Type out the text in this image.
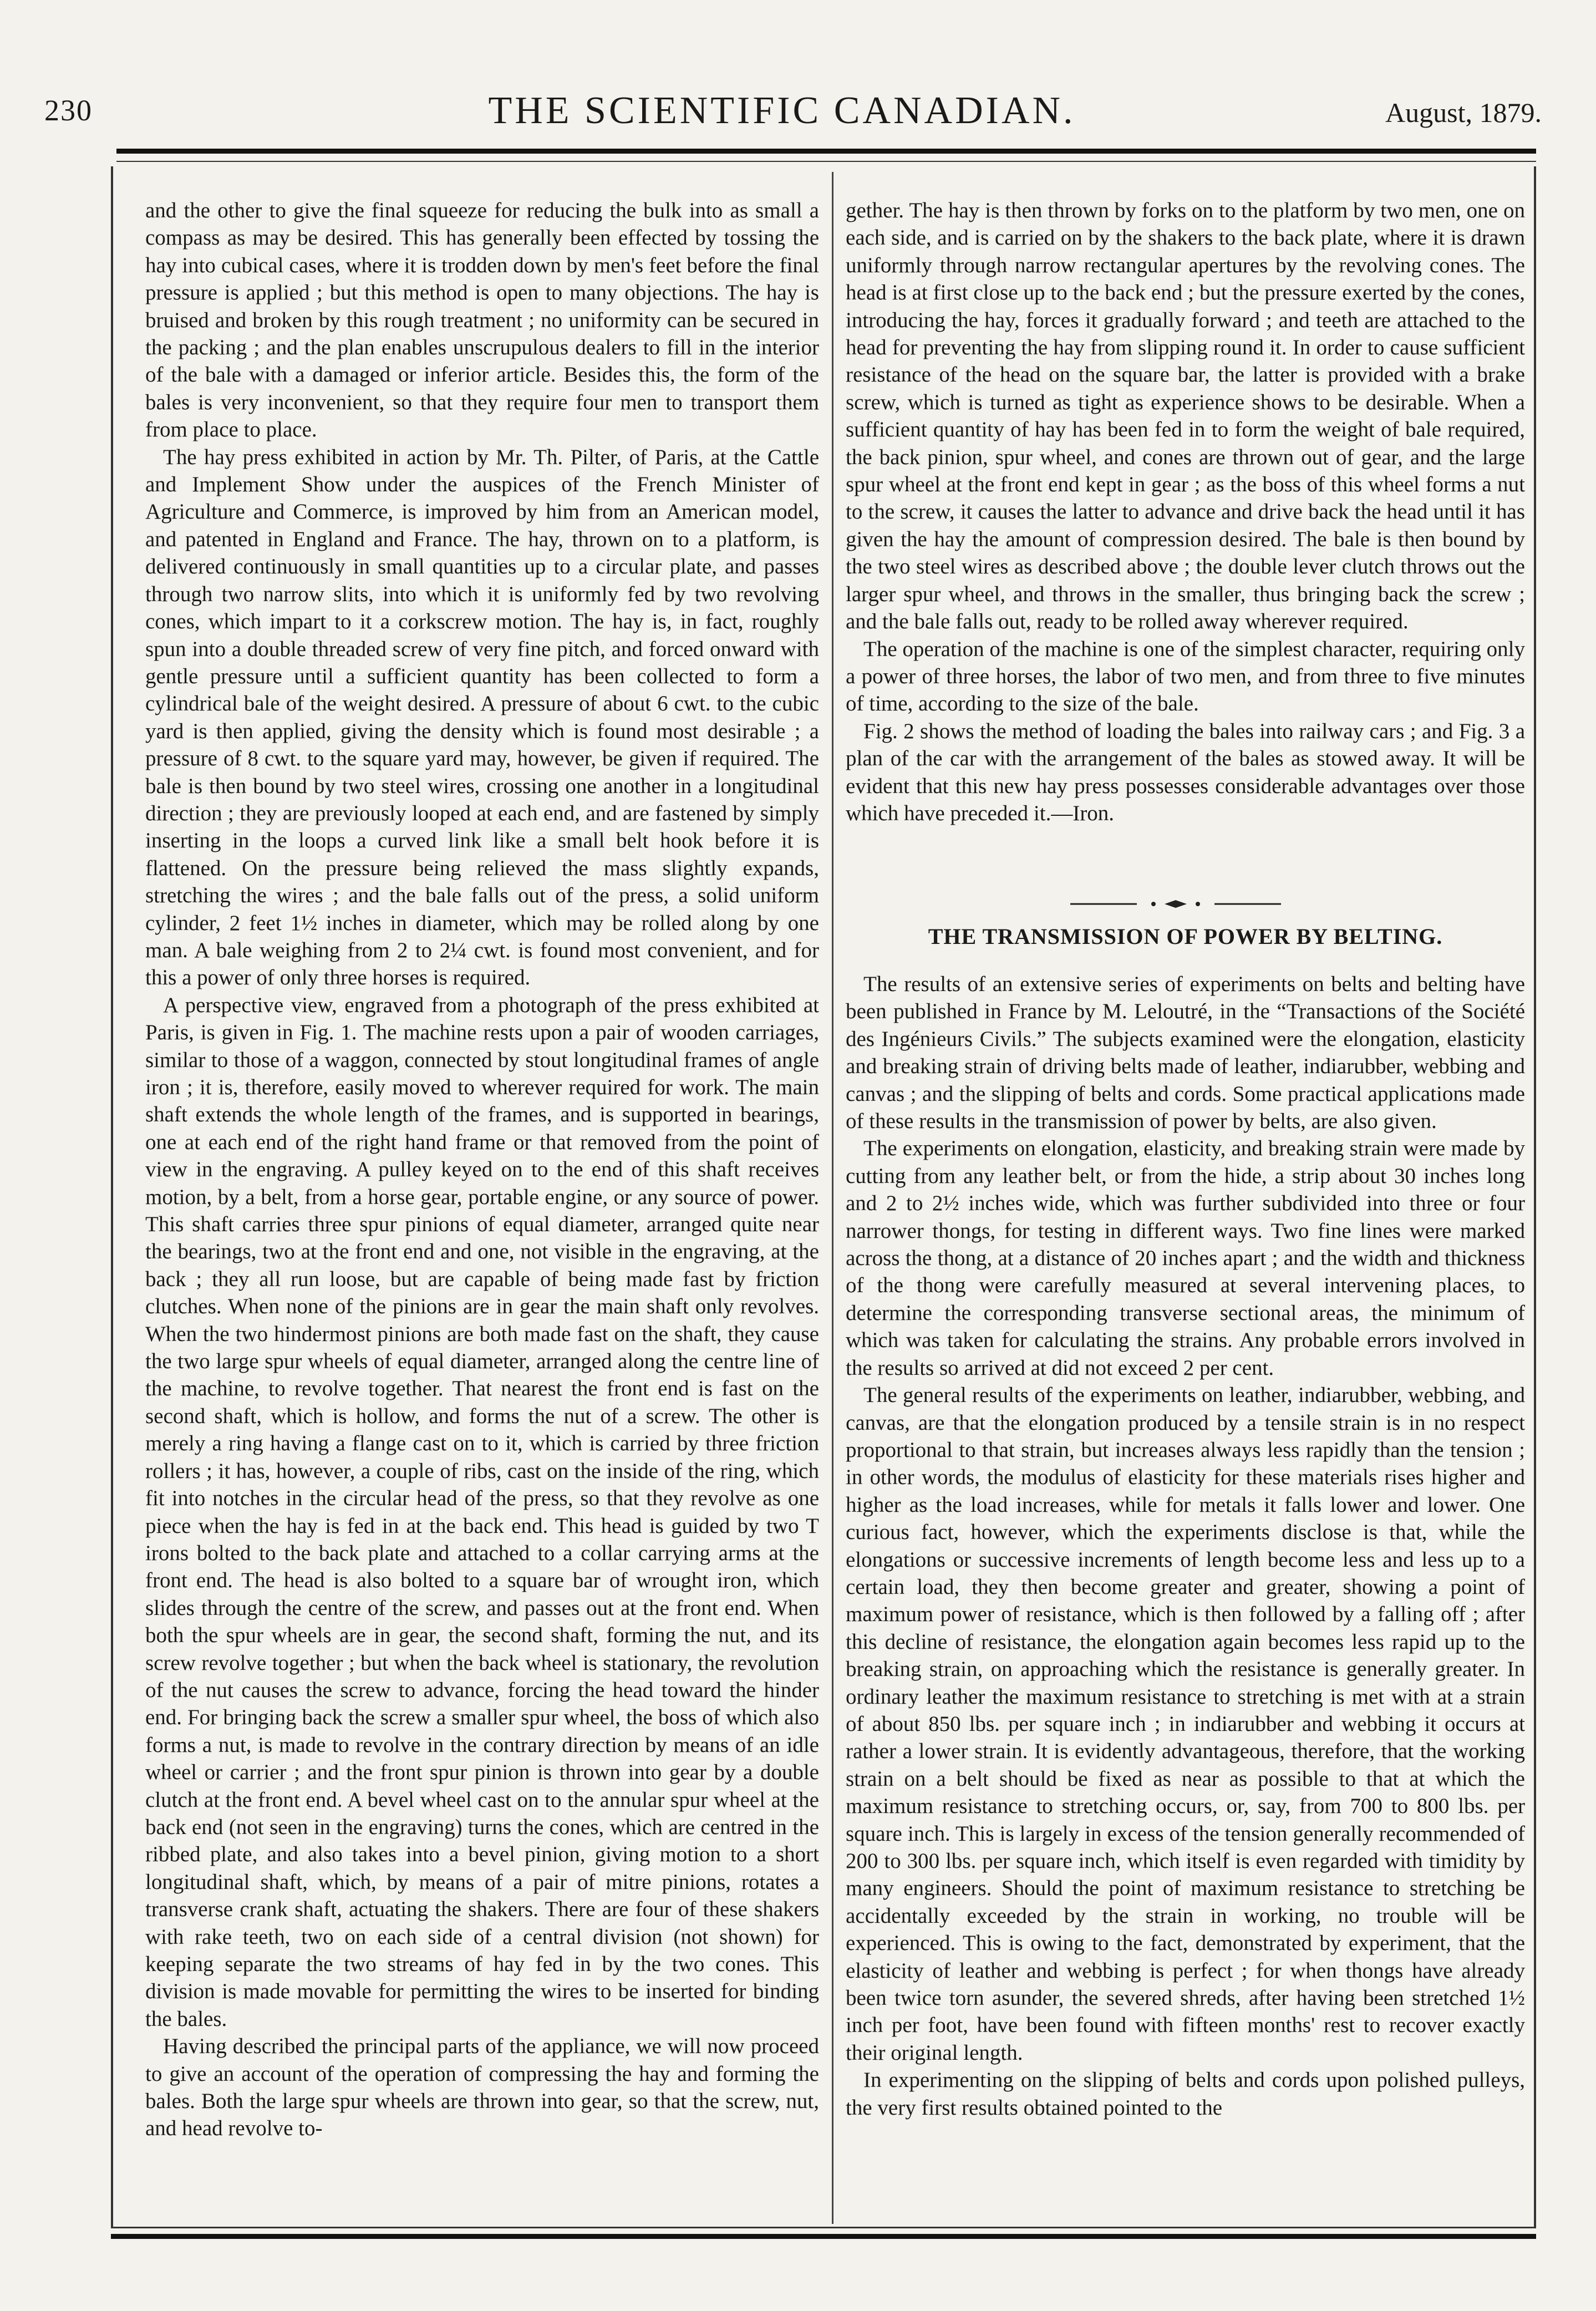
230	THE SCIENTIFIC CANADIAN.	August, 1879.

and the other to give the final squeeze for reducing the bulk into as small a compass as may be desired. This has generally been effected by tossing the hay into cubical cases, where it is trodden down by men's feet before the final pressure is applied ; but this method is open to many objections. The hay is bruised and broken by this rough treatment ; no uniformity can be secured in the packing ; and the plan enables unscrupulous dealers to fill in the interior of the bale with a damaged or inferior article. Besides this, the form of the bales is very inconvenient, so that they require four men to transport them from place to place.

The hay press exhibited in action by Mr. Th. Pilter, of Paris, at the Cattle and Implement Show under the auspices of the French Minister of Agriculture and Commerce, is improved by him from an American model, and patented in England and France. The hay, thrown on to a platform, is delivered continuously in small quantities up to a circular plate, and passes through two narrow slits, into which it is uniformly fed by two revolving cones, which impart to it a corkscrew motion. The hay is, in fact, roughly spun into a double threaded screw of very fine pitch, and forced onward with gentle pressure until a sufficient quantity has been collected to form a cylindrical bale of the weight desired. A pressure of about 6 cwt. to the cubic yard is then applied, giving the density which is found most desirable ; a pressure of 8 cwt. to the square yard may, however, be given if required. The bale is then bound by two steel wires, crossing one another in a longitudinal direction ; they are previously looped at each end, and are fastened by simply inserting in the loops a curved link like a small belt hook before it is flattened. On the pressure being relieved the mass slightly expands, stretching the wires ; and the bale falls out of the press, a solid uniform cylinder, 2 feet 1½ inches in diameter, which may be rolled along by one man. A bale weighing from 2 to 2¼ cwt. is found most convenient, and for this a power of only three horses is required.

A perspective view, engraved from a photograph of the press exhibited at Paris, is given in Fig. 1. The machine rests upon a pair of wooden carriages, similar to those of a waggon, connected by stout longitudinal frames of angle iron ; it is, therefore, easily moved to wherever required for work. The main shaft extends the whole length of the frames, and is supported in bearings, one at each end of the right hand frame or that removed from the point of view in the engraving. A pulley keyed on to the end of this shaft receives motion, by a belt, from a horse gear, portable engine, or any source of power. This shaft carries three spur pinions of equal diameter, arranged quite near the bearings, two at the front end and one, not visible in the engraving, at the back ; they all run loose, but are capable of being made fast by friction clutches. When none of the pinions are in gear the main shaft only revolves. When the two hindermost pinions are both made fast on the shaft, they cause the two large spur wheels of equal diameter, arranged along the centre line of the machine, to revolve together. That nearest the front end is fast on the second shaft, which is hollow, and forms the nut of a screw. The other is merely a ring having a flange cast on to it, which is carried by three friction rollers ; it has, however, a couple of ribs, cast on the inside of the ring, which fit into notches in the circular head of the press, so that they revolve as one piece when the hay is fed in at the back end. This head is guided by two T irons bolted to the back plate and attached to a collar carrying arms at the front end. The head is also bolted to a square bar of wrought iron, which slides through the centre of the screw, and passes out at the front end. When both the spur wheels are in gear, the second shaft, forming the nut, and its screw revolve together ; but when the back wheel is stationary, the revolution of the nut causes the screw to advance, forcing the head toward the hinder end. For bringing back the screw a smaller spur wheel, the boss of which also forms a nut, is made to revolve in the contrary direction by means of an idle wheel or carrier ; and the front spur pinion is thrown into gear by a double clutch at the front end. A bevel wheel cast on to the annular spur wheel at the back end (not seen in the engraving) turns the cones, which are centred in the ribbed plate, and also takes into a bevel pinion, giving motion to a short longitudinal shaft, which, by means of a pair of mitre pinions, rotates a transverse crank shaft, actuating the shakers. There are four of these shakers with rake teeth, two on each side of a central division (not shown) for keeping separate the two streams of hay fed in by the two cones. This division is made movable for permitting the wires to be inserted for binding the bales.

Having described the principal parts of the appliance, we will now proceed to give an account of the operation of compressing the hay and forming the bales. Both the large spur wheels are thrown into gear, so that the screw, nut, and head revolve to-

gether. The hay is then thrown by forks on to the platform by two men, one on each side, and is carried on by the shakers to the back plate, where it is drawn uniformly through narrow rectangular apertures by the revolving cones. The head is at first close up to the back end ; but the pressure exerted by the cones, introducing the hay, forces it gradually forward ; and teeth are attached to the head for preventing the hay from slipping round it. In order to cause sufficient resistance of the head on the square bar, the latter is provided with a brake screw, which is turned as tight as experience shows to be desirable. When a sufficient quantity of hay has been fed in to form the weight of bale required, the back pinion, spur wheel, and cones are thrown out of gear, and the large spur wheel at the front end kept in gear ; as the boss of this wheel forms a nut to the screw, it causes the latter to advance and drive back the head until it has given the hay the amount of compression desired. The bale is then bound by the two steel wires as described above ; the double lever clutch throws out the larger spur wheel, and throws in the smaller, thus bringing back the screw ; and the bale falls out, ready to be rolled away wherever required.

The operation of the machine is one of the simplest character, requiring only a power of three horses, the labor of two men, and from three to five minutes of time, according to the size of the bale.

Fig. 2 shows the method of loading the bales into railway cars ; and Fig. 3 a plan of the car with the arrangement of the bales as stowed away. It will be evident that this new hay press possesses considerable advantages over those which have preceded it.—Iron.

THE TRANSMISSION OF POWER BY BELTING.

The results of an extensive series of experiments on belts and belting have been published in France by M. Leloutré, in the “Transactions of the Société des Ingénieurs Civils.” The subjects examined were the elongation, elasticity and breaking strain of driving belts made of leather, indiarubber, webbing and canvas ; and the slipping of belts and cords. Some practical applications made of these results in the transmission of power by belts, are also given.

The experiments on elongation, elasticity, and breaking strain were made by cutting from any leather belt, or from the hide, a strip about 30 inches long and 2 to 2½ inches wide, which was further subdivided into three or four narrower thongs, for testing in different ways. Two fine lines were marked across the thong, at a distance of 20 inches apart ; and the width and thickness of the thong were carefully measured at several intervening places, to determine the corresponding transverse sectional areas, the minimum of which was taken for calculating the strains. Any probable errors involved in the results so arrived at did not exceed 2 per cent.

The general results of the experiments on leather, indiarubber, webbing, and canvas, are that the elongation produced by a tensile strain is in no respect proportional to that strain, but increases always less rapidly than the tension ; in other words, the modulus of elasticity for these materials rises higher and higher as the load increases, while for metals it falls lower and lower. One curious fact, however, which the experiments disclose is that, while the elongations or successive increments of length become less and less up to a certain load, they then become greater and greater, showing a point of maximum power of resistance, which is then followed by a falling off ; after this decline of resistance, the elongation again becomes less rapid up to the breaking strain, on approaching which the resistance is generally greater. In ordinary leather the maximum resistance to stretching is met with at a strain of about 850 lbs. per square inch ; in indiarubber and webbing it occurs at rather a lower strain. It is evidently advantageous, therefore, that the working strain on a belt should be fixed as near as possible to that at which the maximum resistance to stretching occurs, or, say, from 700 to 800 lbs. per square inch. This is largely in excess of the tension generally recommended of 200 to 300 lbs. per square inch, which itself is even regarded with timidity by many engineers. Should the point of maximum resistance to stretching be accidentally exceeded by the strain in working, no trouble will be experienced. This is owing to the fact, demonstrated by experiment, that the elasticity of leather and webbing is perfect ; for when thongs have already been twice torn asunder, the severed shreds, after having been stretched 1½ inch per foot, have been found with fifteen months' rest to recover exactly their original length.

In experimenting on the slipping of belts and cords upon polished pulleys, the very first results obtained pointed to the
